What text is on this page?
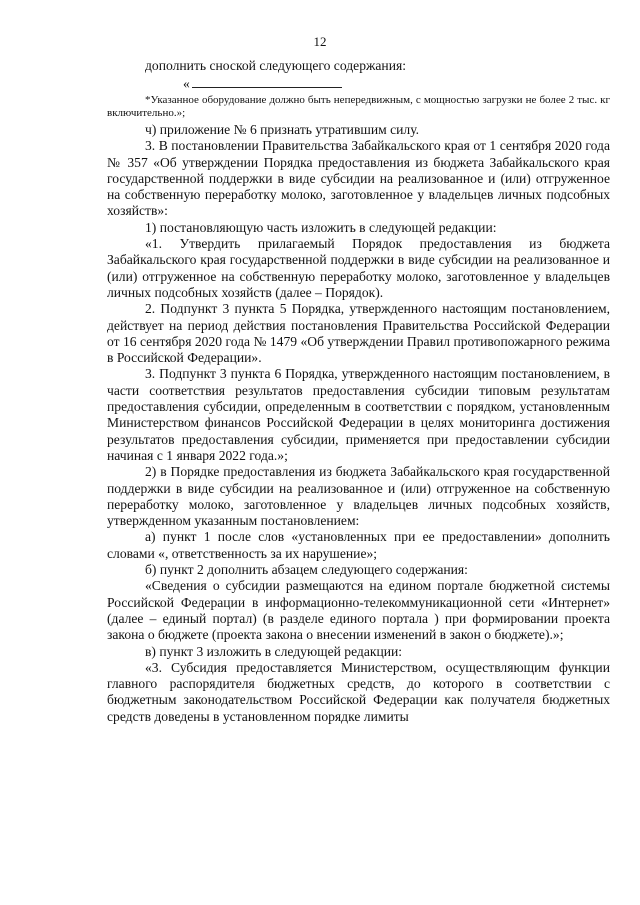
12

дополнить сноской следующего содержания:

«

*Указанное оборудование должно быть непередвижным, с мощностью загрузки не более 2 тыс. кг включительно.»;

ч) приложение № 6 признать утратившим силу.

3. В постановлении Правительства Забайкальского края от 1 сентября 2020 года № 357 «Об утверждении Порядка предоставления из бюджета Забайкальского края государственной поддержки в виде субсидии на реализованное и (или) отгруженное на собственную переработку молоко, заготовленное у владельцев личных подсобных хозяйств»:

1) постановляющую часть изложить в следующей редакции:

«1. Утвердить прилагаемый Порядок предоставления из бюджета Забайкальского края государственной поддержки в виде субсидии на реализованное и (или) отгруженное на собственную переработку молоко, заготовленное у владельцев личных подсобных хозяйств (далее – Порядок).

2. Подпункт 3 пункта 5 Порядка, утвержденного настоящим постановлением, действует на период действия постановления Правительства Российской Федерации от 16 сентября 2020 года № 1479 «Об утверждении Правил противопожарного режима в Российской Федерации».

3. Подпункт 3 пункта 6 Порядка, утвержденного настоящим постановлением, в части соответствия результатов предоставления субсидии типовым результатам предоставления субсидии, определенным в соответствии с порядком, установленным Министерством финансов Российской Федерации в целях мониторинга достижения результатов предоставления субсидии, применяется при предоставлении субсидии начиная с 1 января 2022 года.»;

2) в Порядке предоставления из бюджета Забайкальского края государственной поддержки в виде субсидии на реализованное и (или) отгруженное на собственную переработку молоко, заготовленное у владельцев личных подсобных хозяйств, утвержденном указанным постановлением:

а) пункт 1 после слов «установленных при ее предоставлении» дополнить словами «, ответственность за их нарушение»;

б) пункт 2 дополнить абзацем следующего содержания:

«Сведения о субсидии размещаются на едином портале бюджетной системы Российской Федерации в информационно-телекоммуникационной сети «Интернет» (далее – единый портал) (в разделе единого портала ) при формировании проекта закона о бюджете (проекта закона о внесении изменений в закон о бюджете).»;

в) пункт 3 изложить в следующей редакции:

«3. Субсидия предоставляется Министерством, осуществляющим функции главного распорядителя бюджетных средств, до которого в соответствии с бюджетным законодательством Российской Федерации как получателя бюджетных средств доведены в установленном порядке лимиты
